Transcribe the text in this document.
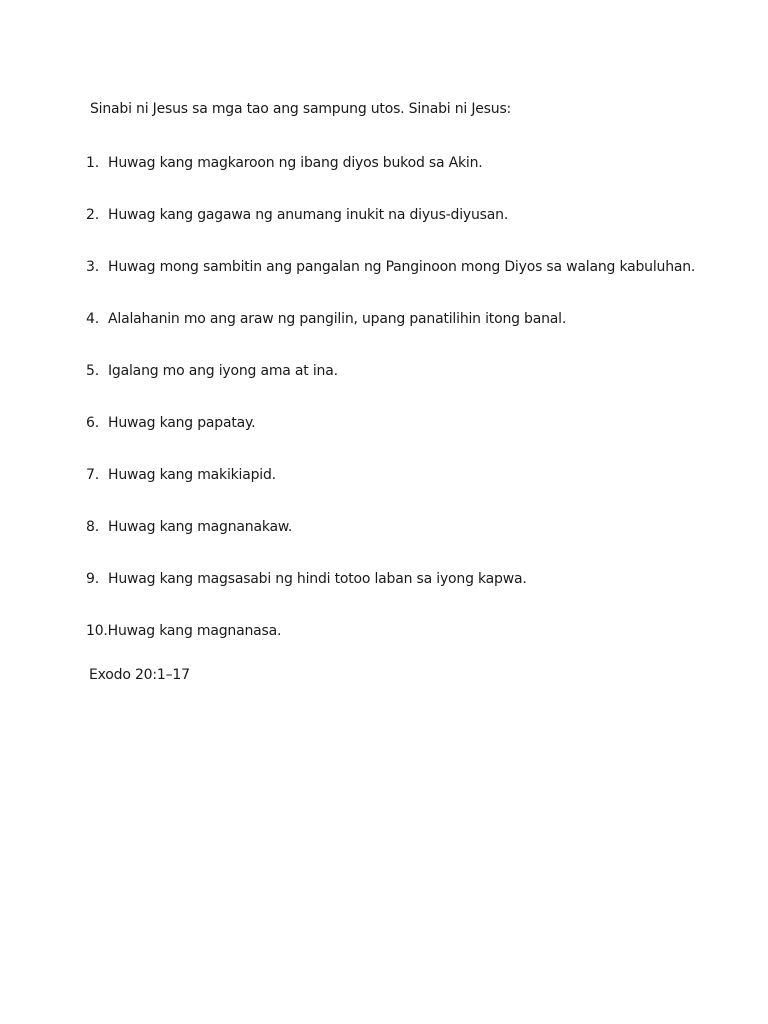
Sinabi ni Jesus sa mga tao ang sampung utos. Sinabi ni Jesus:
1. Huwag kang magkaroon ng ibang diyos bukod sa Akin.
2. Huwag kang gagawa ng anumang inukit na diyus-diyusan.
3. Huwag mong sambitin ang pangalan ng Panginoon mong Diyos sa walang kabuluhan.
4. Alalahanin mo ang araw ng pangilin, upang panatilihin itong banal.
5. Igalang mo ang iyong ama at ina.
6. Huwag kang papatay.
7. Huwag kang makikiapid.
8. Huwag kang magnanakaw.
9. Huwag kang magsasabi ng hindi totoo laban sa iyong kapwa.
10. Huwag kang magnanasa.
Exodo 20:1–17
